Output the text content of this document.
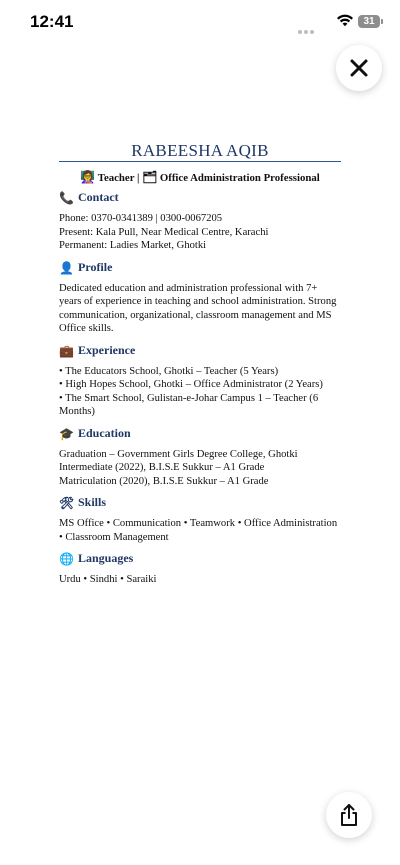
12:41	31
RABEESHA AQIB
👩‍🏫 Teacher | 🗂 Office Administration Professional
📞 Contact

Phone: 0370-0341389 | 0300-0067205

Present: Kala Pull, Near Medical Centre, Karachi

Permanent: Ladies Market, Ghotki

👤 Profile

Dedicated education and administration professional with 7+ years of experience in teaching and school administration. Strong communication, organizational, classroom management and MS Office skills.

💼 Experience

• The Educators School, Ghotki – Teacher (5 Years)

• High Hopes School, Ghotki – Office Administrator (2 Years)

• The Smart School, Gulistan-e-Johar Campus 1 – Teacher (6 Months)

🎓 Education

Graduation – Government Girls Degree College, Ghotki

Intermediate (2022), B.I.S.E Sukkur – A1 Grade

Matriculation (2020), B.I.S.E Sukkur – A1 Grade

🛠 Skills

MS Office • Communication • Teamwork • Office Administration • Classroom Management

🌐 Languages

Urdu • Sindhi • Saraiki
